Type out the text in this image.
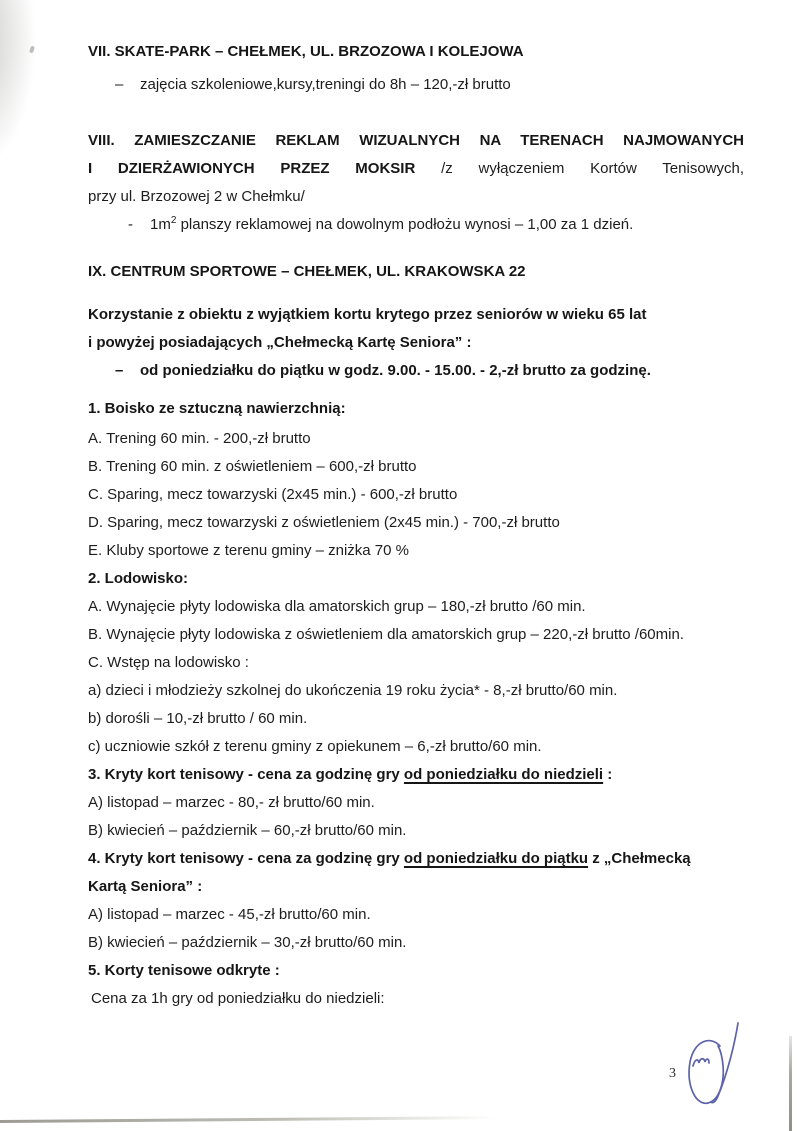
VII. SKATE-PARK – CHEŁMEK, UL. BRZOZOWA I KOLEJOWA
– zajęcia szkoleniowe,kursy,treningi do 8h – 120,-zł brutto
VIII. ZAMIESZCZANIE REKLAM WIZUALNYCH NA TERENACH NAJMOWANYCH
I DZIERŻAWIONYCH PRZEZ MOKSIR /z wyłączeniem Kortów Tenisowych,
przy ul. Brzozowej 2 w Chełmku/
- $1m^2$ planszy reklamowej na dowolnym podłożu wynosi – 1,00 za 1 dzień.
IX. CENTRUM SPORTOWE – CHEŁMEK, UL. KRAKOWSKA 22
Korzystanie z obiektu z wyjątkiem kortu krytego przez seniorów w wieku 65 lat
i powyżej posiadających „Chełmecką Kartę Seniora” :
– od poniedziałku do piątku w godz. 9.00. - 15.00. - 2,-zł brutto za godzinę.
1. Boisko ze sztuczną nawierzchnią:
A. Trening 60 min. - 200,-zł brutto
B. Trening 60 min. z oświetleniem – 600,-zł brutto
C. Sparing, mecz towarzyski (2x45 min.) - 600,-zł brutto
D. Sparing, mecz towarzyski z oświetleniem (2x45 min.) - 700,-zł brutto
E. Kluby sportowe z terenu gminy – zniżka 70 %
2. Lodowisko:
A. Wynajęcie płyty lodowiska dla amatorskich grup – 180,-zł brutto /60 min.
B. Wynajęcie płyty lodowiska z oświetleniem dla amatorskich grup – 220,-zł brutto /60min.
C. Wstęp na lodowisko :
a) dzieci i młodzieży szkolnej do ukończenia 19 roku życia* - 8,-zł brutto/60 min.
b) dorośli – 10,-zł brutto / 60 min.
c) uczniowie szkół z terenu gminy z opiekunem – 6,-zł brutto/60 min.
3. Kryty kort tenisowy - cena za godzinę gry od poniedziałku do niedzieli :
A) listopad – marzec - 80,- zł brutto/60 min.
B) kwiecień – październik – 60,-zł brutto/60 min.
4. Kryty kort tenisowy - cena za godzinę gry od poniedziałku do piątku z „Chełmecką
Kartą Seniora” :
A) listopad – marzec - 45,-zł brutto/60 min.
B) kwiecień – październik – 30,-zł brutto/60 min.
5. Korty tenisowe odkryte :
Cena za 1h gry od poniedziałku do niedzieli:
3
